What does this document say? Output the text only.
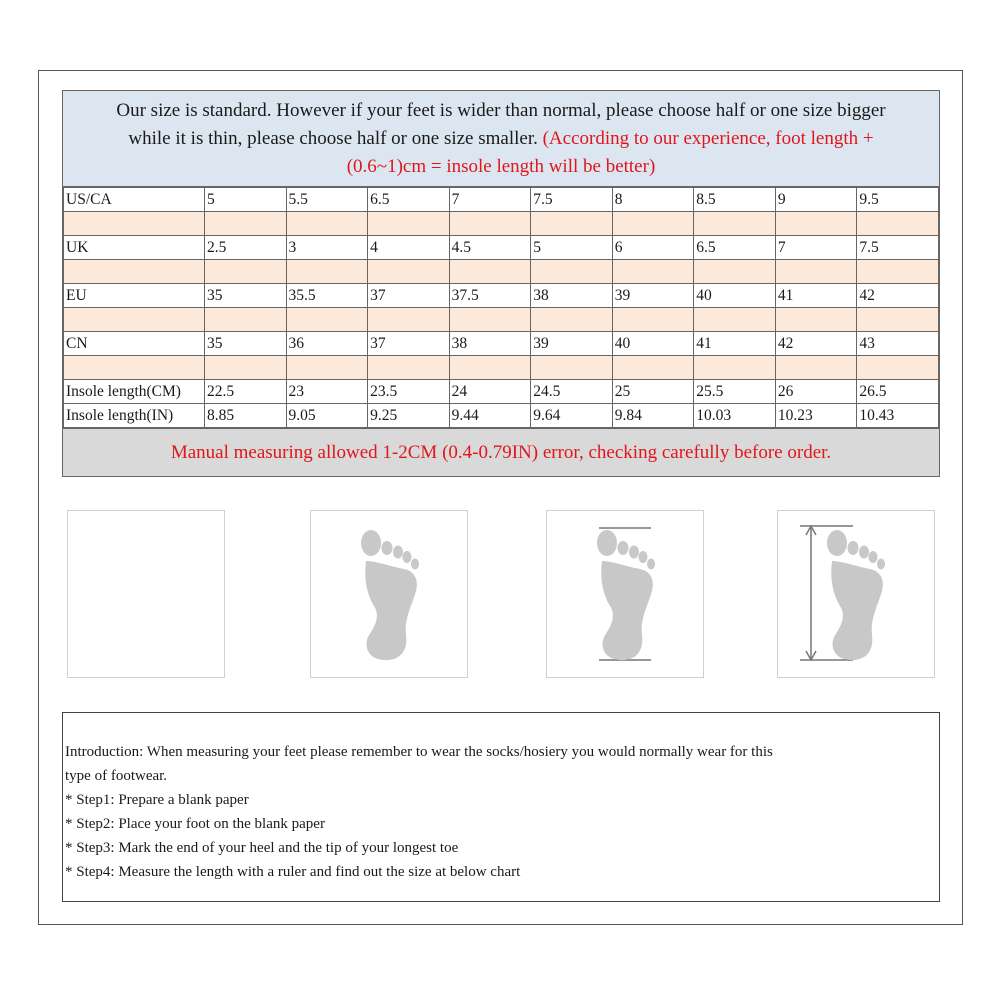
Our size is standard. However if your feet is wider than normal, please choose half or one size bigger
while it is thin, please choose half or one size smaller. (According to our experience, foot length +
(0.6~1)cm = insole length will be better)
US/CA	5	5.5	6.5	7	7.5	8	8.5	9	9.5

UK	2.5	3	4	4.5	5	6	6.5	7	7.5

EU	35	35.5	37	37.5	38	39	40	41	42

CN	35	36	37	38	39	40	41	42	43

Insole length(CM)	22.5	23	23.5	24	24.5	25	25.5	26	26.5
Insole length(IN)	8.85	9.05	9.25	9.44	9.64	9.84	10.03	10.23	10.43
Manual measuring allowed 1-2CM (0.4-0.79IN) error, checking carefully before order.

Introduction: When measuring your feet please remember to wear the socks/hosiery you would normally wear for this

type of footwear.

* Step1: Prepare a blank paper

* Step2: Place your foot on the blank paper

* Step3: Mark the end of your heel and the tip of your longest toe

* Step4: Measure the length with a ruler and find out the size at below chart
